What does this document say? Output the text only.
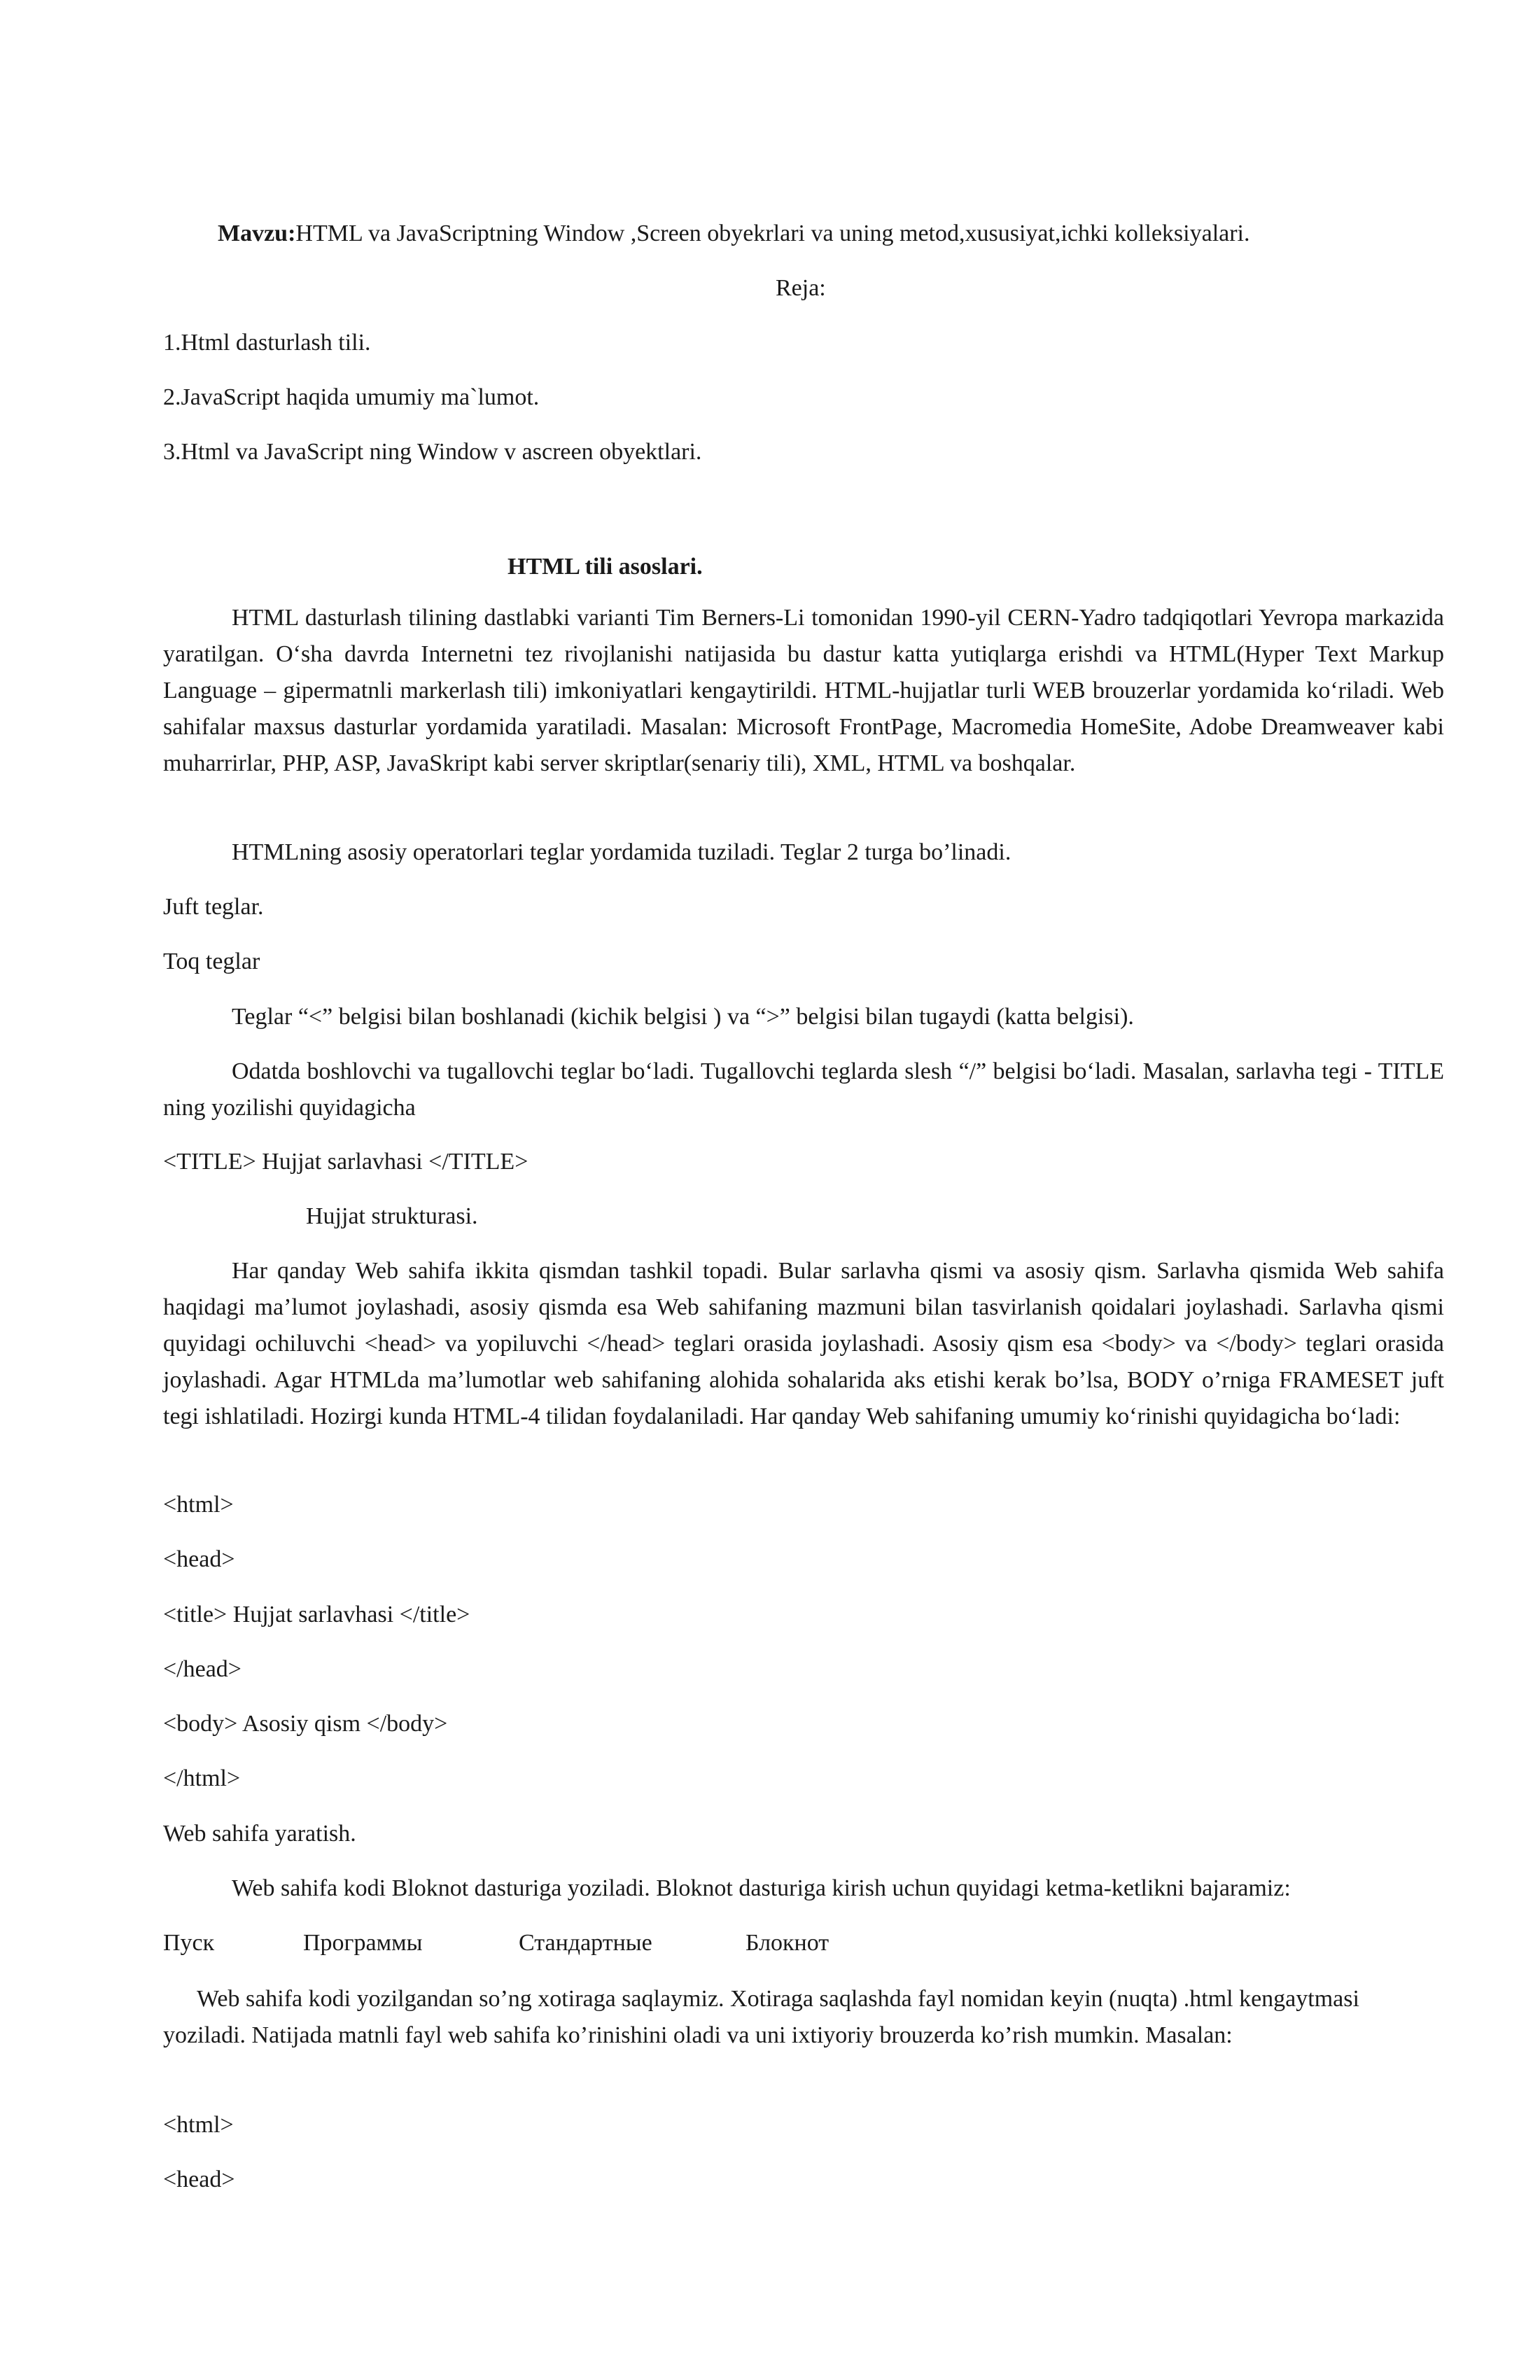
Mavzu:HTML va JavaScriptning Window ,Screen obyekrlari va uning metod,xususiyat,ichki kolleksiyalari.
Reja:
1.Html dasturlash tili.
2.JavaScript haqida umumiy ma`lumot.
3.Html va JavaScript ning Window v ascreen obyektlari.
HTML tili asoslari.
HTML dasturlash tilining dastlabki varianti Tim Berners-Li tomonidan 1990-yil CERN-Yadro tadqiqotlari Yevropa markazida yaratilgan. O‘sha davrda Internetni tez rivojlanishi natijasida bu dastur katta yutiqlarga erishdi va HTML(Hyper Text Markup Language – gipermatnli markerlash tili) imkoniyatlari kengaytirildi. HTML-hujjatlar turli WEB brouzerlar yordamida ko‘riladi. Web sahifalar maxsus dasturlar yordamida yaratiladi. Masalan: Microsoft FrontPage, Macromedia HomeSite, Adobe Dreamweaver kabi muharrirlar, PHP, ASP, JavaSkript kabi server skriptlar(senariy tili), XML, HTML va boshqalar.
HTMLning asosiy operatorlari teglar yordamida tuziladi. Teglar 2 turga bo’linadi.
Juft teglar.
Toq teglar
Teglar “<” belgisi bilan boshlanadi (kichik belgisi ) va “>” belgisi bilan tugaydi (katta belgisi).
Odatda boshlovchi va tugallovchi teglar bo‘ladi. Tugallovchi teglarda slesh “/” belgisi bo‘ladi. Masalan, sarlavha tegi - TITLE ning yozilishi quyidagicha
<TITLE> Hujjat sarlavhasi </TITLE>
Hujjat strukturasi.
Har qanday Web sahifa ikkita qismdan tashkil topadi. Bular sarlavha qismi va asosiy qism. Sarlavha qismida Web sahifa haqidagi ma’lumot joylashadi, asosiy qismda esa Web sahifaning mazmuni bilan tasvirlanish qoidalari joylashadi. Sarlavha qismi quyidagi ochiluvchi <head> va yopiluvchi </head> teglari orasida joylashadi. Asosiy qism esa <body> va </body> teglari orasida joylashadi. Agar HTMLda ma’lumotlar web sahifaning alohida sohalarida aks etishi kerak bo’lsa, BODY o’rniga FRAMESET juft tegi ishlatiladi. Hozirgi kunda HTML-4 tilidan foydalaniladi. Har qanday Web sahifaning umumiy ko‘rinishi quyidagicha bo‘ladi:
<html>
<head>
<title> Hujjat sarlavhasi </title>
</head>
<body> Asosiy qism </body>
</html>
Web sahifa yaratish.
Web sahifa kodi Bloknot dasturiga yoziladi. Bloknot dasturiga kirish uchun quyidagi ketma-ketlikni bajaramiz:
Пуск	Программы	Стандартные	Блокнот
Web sahifa kodi yozilgandan so’ng xotiraga saqlaymiz. Xotiraga saqlashda fayl nomidan keyin (nuqta) .html kengaytmasi yoziladi. Natijada matnli fayl web sahifa ko’rinishini oladi va uni ixtiyoriy brouzerda ko’rish mumkin. Masalan:
<html>
<head>
